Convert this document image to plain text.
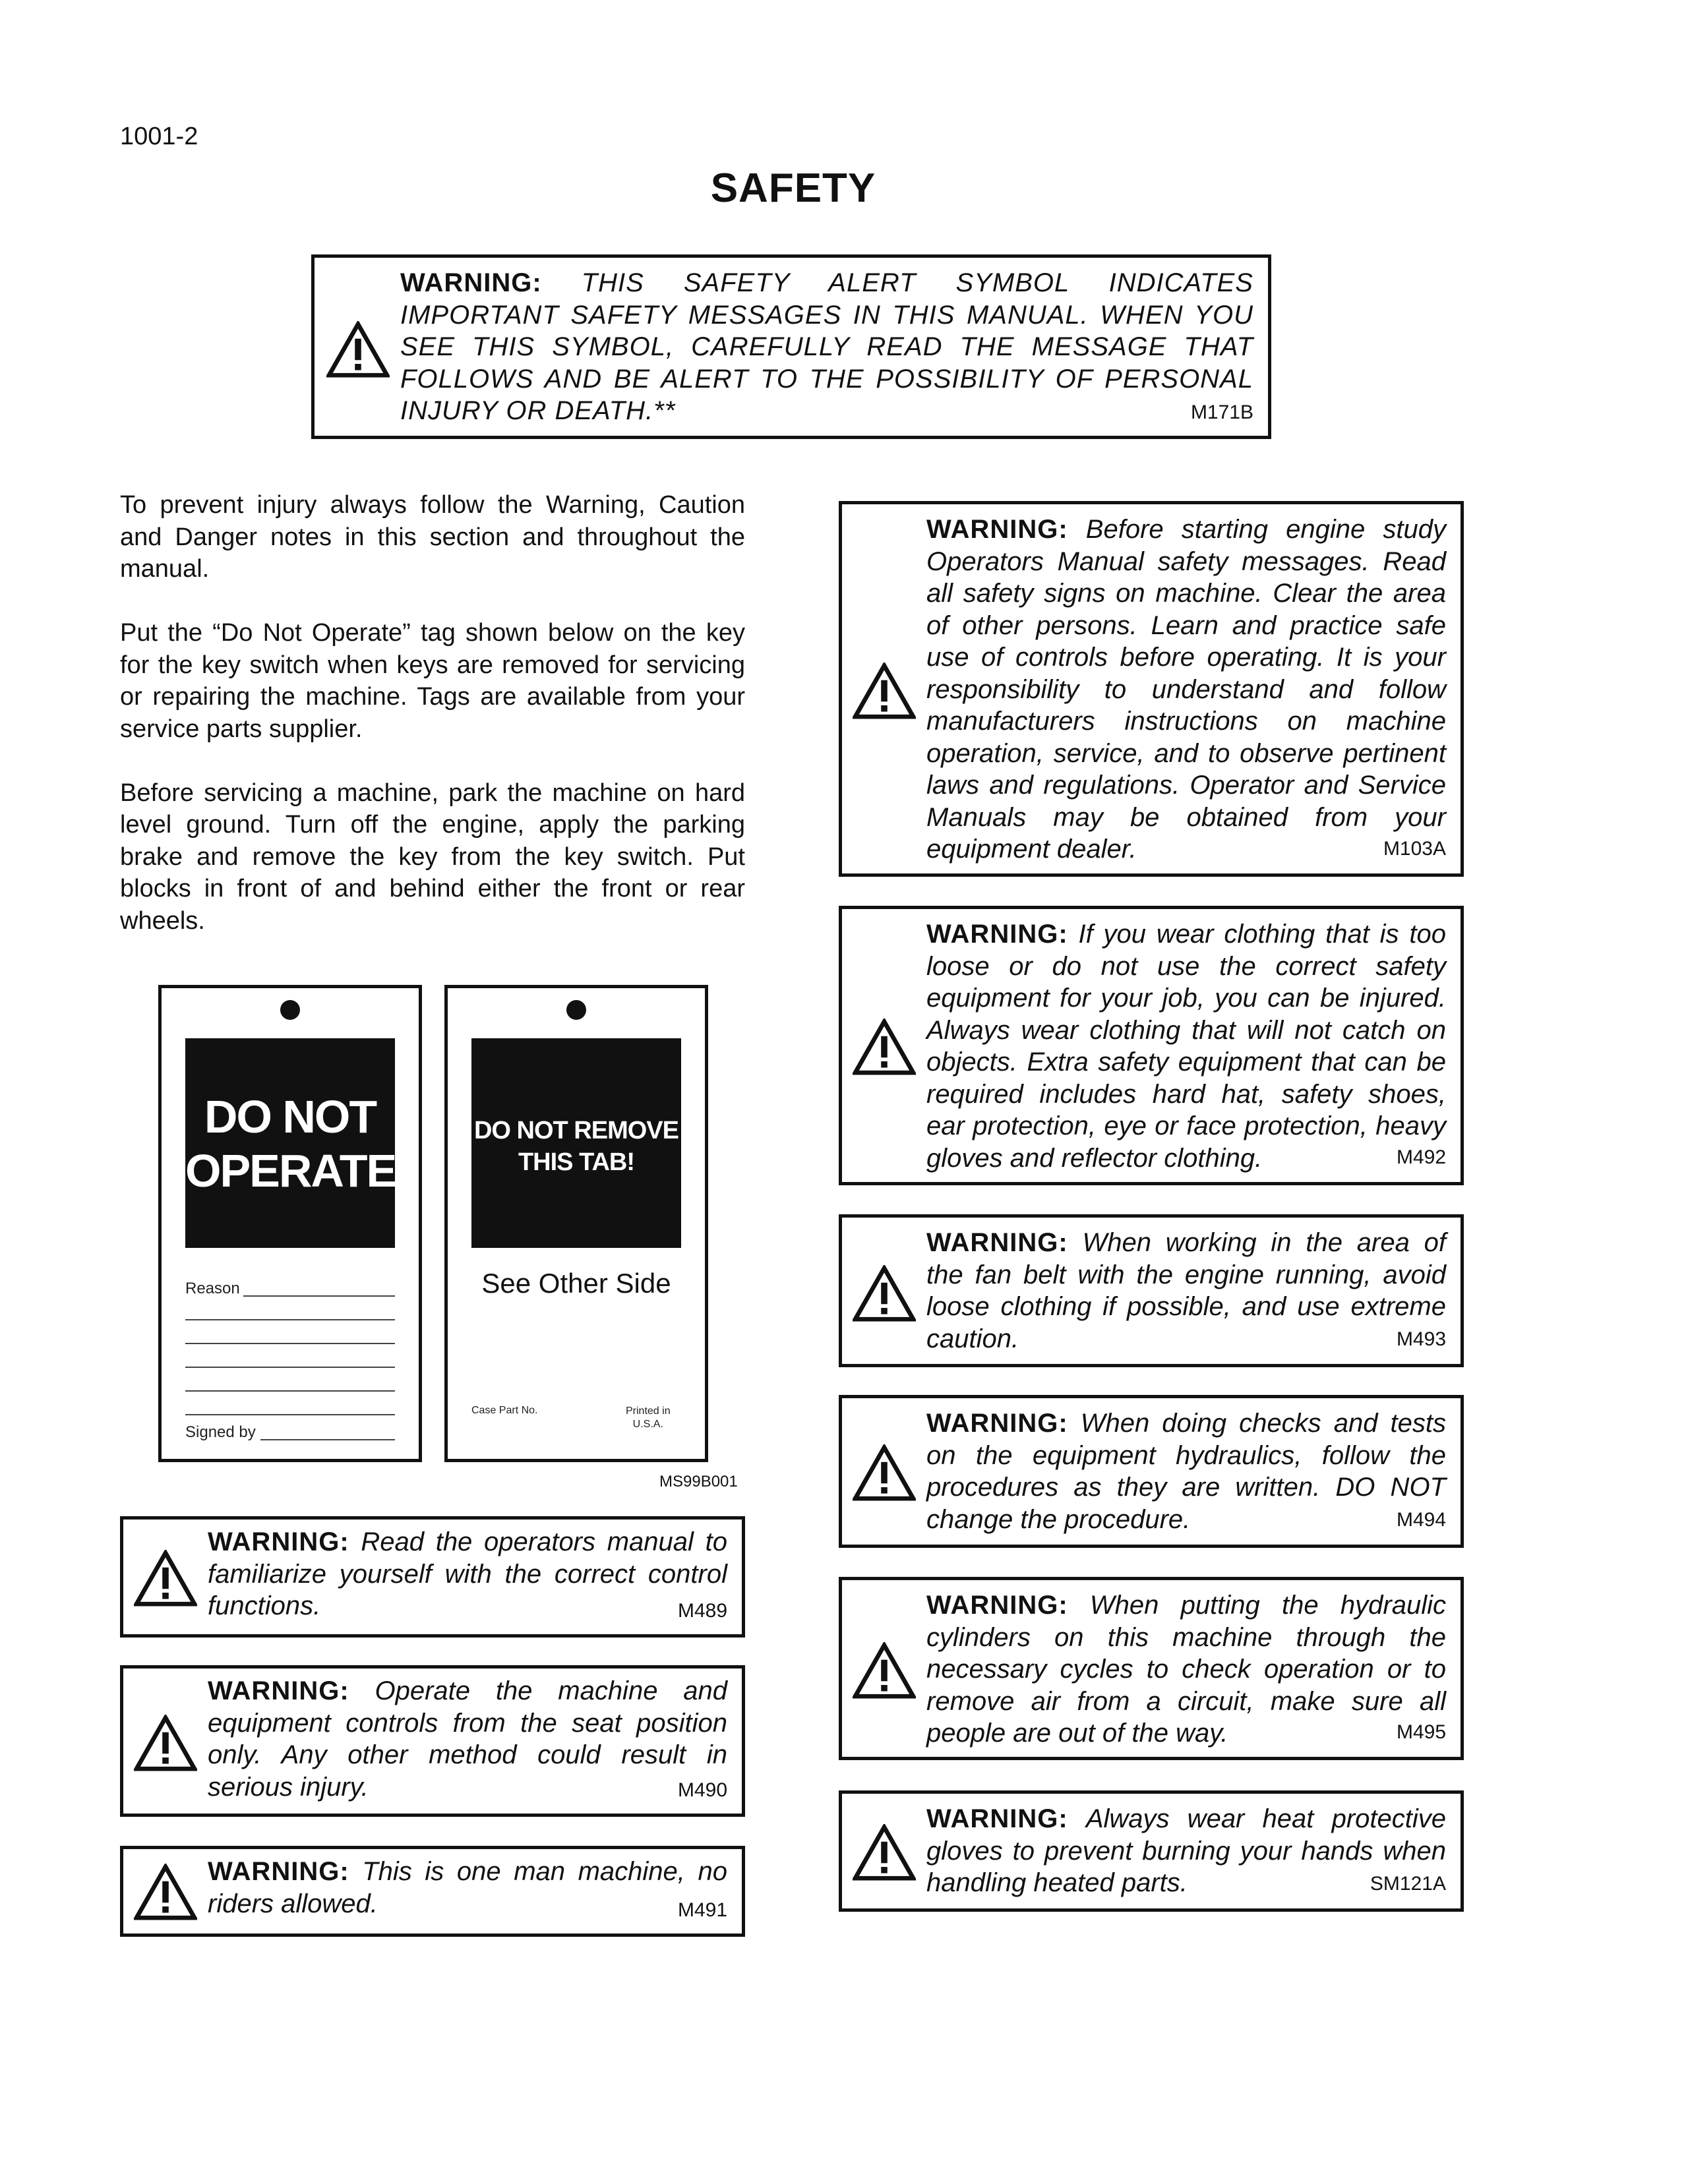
1001-2
SAFETY
WARNING: THIS SAFETY ALERT SYMBOL INDICATES IMPORTANT SAFETY MESSAGES IN THIS MANUAL. WHEN YOU SEE THIS SYMBOL, CAREFULLY READ THE MESSAGE THAT FOLLOWS AND BE ALERT TO THE POSSIBILITY OF PERSONAL INJURY OR DEATH.**	M171B

To prevent injury always follow the Warning, Caution and Danger notes in this section and throughout the manual.

Put the “Do Not Operate” tag shown below on the key for the key switch when keys are removed for servicing or repairing the machine. Tags are available from your service parts supplier.

Before servicing a machine, park the machine on hard level ground. Turn off the engine, apply the parking brake and remove the key from the key switch. Put blocks in front of and behind either the front or rear wheels.

DO NOT
OPERATE
Reason
Signed by
DO NOT REMOVE
THIS TAB!
See Other Side
Case Part No.	Printed in
U.S.A.
MS99B001
WARNING: Read the operators manual to familiarize yourself with the correct control functions.	M489
WARNING: Operate the machine and equipment controls from the seat position only. Any other method could result in serious injury.	M490
WARNING: This is one man machine, no riders allowed.	M491
WARNING: Before starting engine study Operators Manual safety messages. Read all safety signs on machine. Clear the area of other persons. Learn and practice safe use of controls before operating. It is your responsibility to understand and follow manufacturers instructions on machine operation, service, and to observe pertinent laws and regulations. Operator and Service Manuals may be obtained from your equipment dealer.	M103A
WARNING: If you wear clothing that is too loose or do not use the correct safety equipment for your job, you can be injured. Always wear clothing that will not catch on objects. Extra safety equipment that can be required includes hard hat, safety shoes, ear protection, eye or face protection, heavy gloves and reflector clothing.	M492
WARNING: When working in the area of the fan belt with the engine running, avoid loose clothing if possible, and use extreme caution.	M493
WARNING: When doing checks and tests on the equipment hydraulics, follow the procedures as they are written. DO NOT change the procedure.	M494
WARNING: When putting the hydraulic cylinders on this machine through the necessary cycles to check operation or to remove air from a circuit, make sure all people are out of the way.	M495
WARNING: Always wear heat protective gloves to prevent burning your hands when handling heated parts.	SM121A
